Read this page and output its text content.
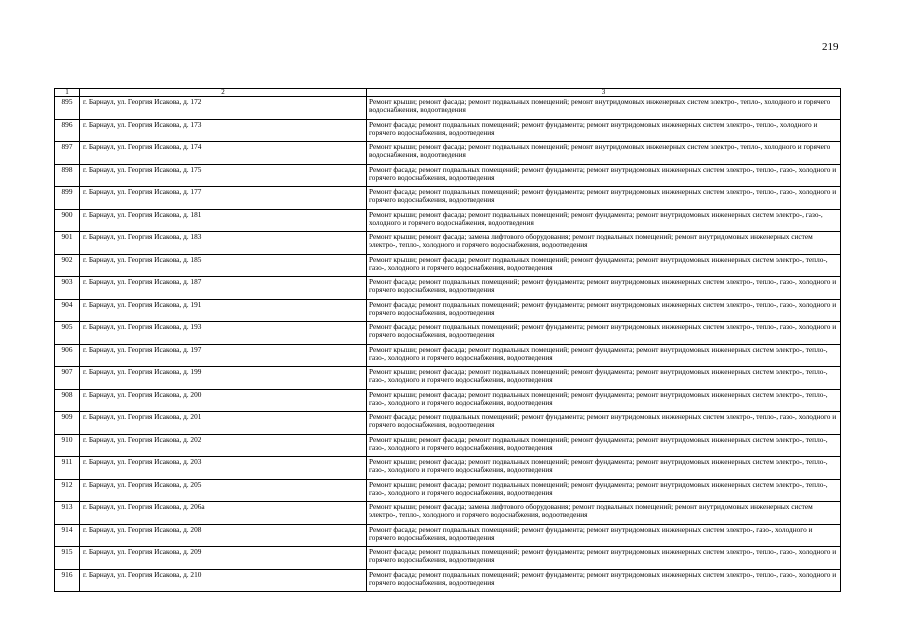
219
1	2	3
895	г. Барнаул, ул. Георгия Исакова, д. 172	Ремонт крыши; ремонт фасада; ремонт подвальных помещений; ремонт внутридомовых инженерных систем электро-, тепло-, холодного и горячего водоснабжения, водоотведения
896	г. Барнаул, ул. Георгия Исакова, д. 173	Ремонт фасада; ремонт подвальных помещений; ремонт фундамента; ремонт внутридомовых инженерных систем электро-, тепло-, холодного и горячего водоснабжения, водоотведения
897	г. Барнаул, ул. Георгия Исакова, д. 174	Ремонт крыши; ремонт фасада; ремонт подвальных помещений; ремонт внутридомовых инженерных систем электро-, тепло-, холодного и горячего водоснабжения, водоотведения
898	г. Барнаул, ул. Георгия Исакова, д. 175	Ремонт фасада; ремонт подвальных помещений; ремонт фундамента; ремонт внутридомовых инженерных систем электро-, тепло-, газо-, холодного и горячего водоснабжения, водоотведения
899	г. Барнаул, ул. Георгия Исакова, д. 177	Ремонт фасада; ремонт подвальных помещений; ремонт фундамента; ремонт внутридомовых инженерных систем электро-, тепло-, газо-, холодного и горячего водоснабжения, водоотведения
900	г. Барнаул, ул. Георгия Исакова, д. 181	Ремонт крыши; ремонт фасада; ремонт подвальных помещений; ремонт фундамента; ремонт внутридомовых инженерных систем электро-, газо-, холодного и горячего водоснабжения, водоотведения
901	г. Барнаул, ул. Георгия Исакова, д. 183	Ремонт крыши; ремонт фасада; замена лифтового оборудования; ремонт подвальных помещений; ремонт внутридомовых инженерных систем электро-, тепло-, холодного и горячего водоснабжения, водоотведения
902	г. Барнаул, ул. Георгия Исакова, д. 185	Ремонт крыши; ремонт фасада; ремонт подвальных помещений; ремонт фундамента; ремонт внутридомовых инженерных систем электро-, тепло-, газо-, холодного и горячего водоснабжения, водоотведения
903	г. Барнаул, ул. Георгия Исакова, д. 187	Ремонт фасада; ремонт подвальных помещений; ремонт фундамента; ремонт внутридомовых инженерных систем электро-, тепло-, газо-, холодного и горячего водоснабжения, водоотведения
904	г. Барнаул, ул. Георгия Исакова, д. 191	Ремонт фасада; ремонт подвальных помещений; ремонт фундамента; ремонт внутридомовых инженерных систем электро-, тепло-, газо-, холодного и горячего водоснабжения, водоотведения
905	г. Барнаул, ул. Георгия Исакова, д. 193	Ремонт фасада; ремонт подвальных помещений; ремонт фундамента; ремонт внутридомовых инженерных систем электро-, тепло-, газо-, холодного и горячего водоснабжения, водоотведения
906	г. Барнаул, ул. Георгия Исакова, д. 197	Ремонт крыши; ремонт фасада; ремонт подвальных помещений; ремонт фундамента; ремонт внутридомовых инженерных систем электро-, тепло-, газо-, холодного и горячего водоснабжения, водоотведения
907	г. Барнаул, ул. Георгия Исакова, д. 199	Ремонт крыши; ремонт фасада; ремонт подвальных помещений; ремонт фундамента; ремонт внутридомовых инженерных систем электро-, тепло-, газо-, холодного и горячего водоснабжения, водоотведения
908	г. Барнаул, ул. Георгия Исакова, д. 200	Ремонт крыши; ремонт фасада; ремонт подвальных помещений; ремонт фундамента; ремонт внутридомовых инженерных систем электро-, тепло-, газо-, холодного и горячего водоснабжения, водоотведения
909	г. Барнаул, ул. Георгия Исакова, д. 201	Ремонт фасада; ремонт подвальных помещений; ремонт фундамента; ремонт внутридомовых инженерных систем электро-, тепло-, газо-, холодного и горячего водоснабжения, водоотведения
910	г. Барнаул, ул. Георгия Исакова, д. 202	Ремонт крыши; ремонт фасада; ремонт подвальных помещений; ремонт фундамента; ремонт внутридомовых инженерных систем электро-, тепло-, газо-, холодного и горячего водоснабжения, водоотведения
911	г. Барнаул, ул. Георгия Исакова, д. 203	Ремонт крыши; ремонт фасада; ремонт подвальных помещений; ремонт фундамента; ремонт внутридомовых инженерных систем электро-, тепло-, газо-, холодного и горячего водоснабжения, водоотведения
912	г. Барнаул, ул. Георгия Исакова, д. 205	Ремонт крыши; ремонт фасада; ремонт подвальных помещений; ремонт фундамента; ремонт внутридомовых инженерных систем электро-, тепло-, газо-, холодного и горячего водоснабжения, водоотведения
913	г. Барнаул, ул. Георгия Исакова, д. 206а	Ремонт крыши; ремонт фасада; замена лифтового оборудования; ремонт подвальных помещений; ремонт внутридомовых инженерных систем электро-, тепло-, холодного и горячего водоснабжения, водоотведения
914	г. Барнаул, ул. Георгия Исакова, д. 208	Ремонт фасада; ремонт подвальных помещений; ремонт фундамента; ремонт внутридомовых инженерных систем электро-, газо-, холодного и горячего водоснабжения, водоотведения
915	г. Барнаул, ул. Георгия Исакова, д. 209	Ремонт фасада; ремонт подвальных помещений; ремонт фундамента; ремонт внутридомовых инженерных систем электро-, тепло-, газо-, холодного и горячего водоснабжения, водоотведения
916	г. Барнаул, ул. Георгия Исакова, д. 210	Ремонт фасада; ремонт подвальных помещений; ремонт фундамента; ремонт внутридомовых инженерных систем электро-, тепло-, газо-, холодного и горячего водоснабжения, водоотведения
